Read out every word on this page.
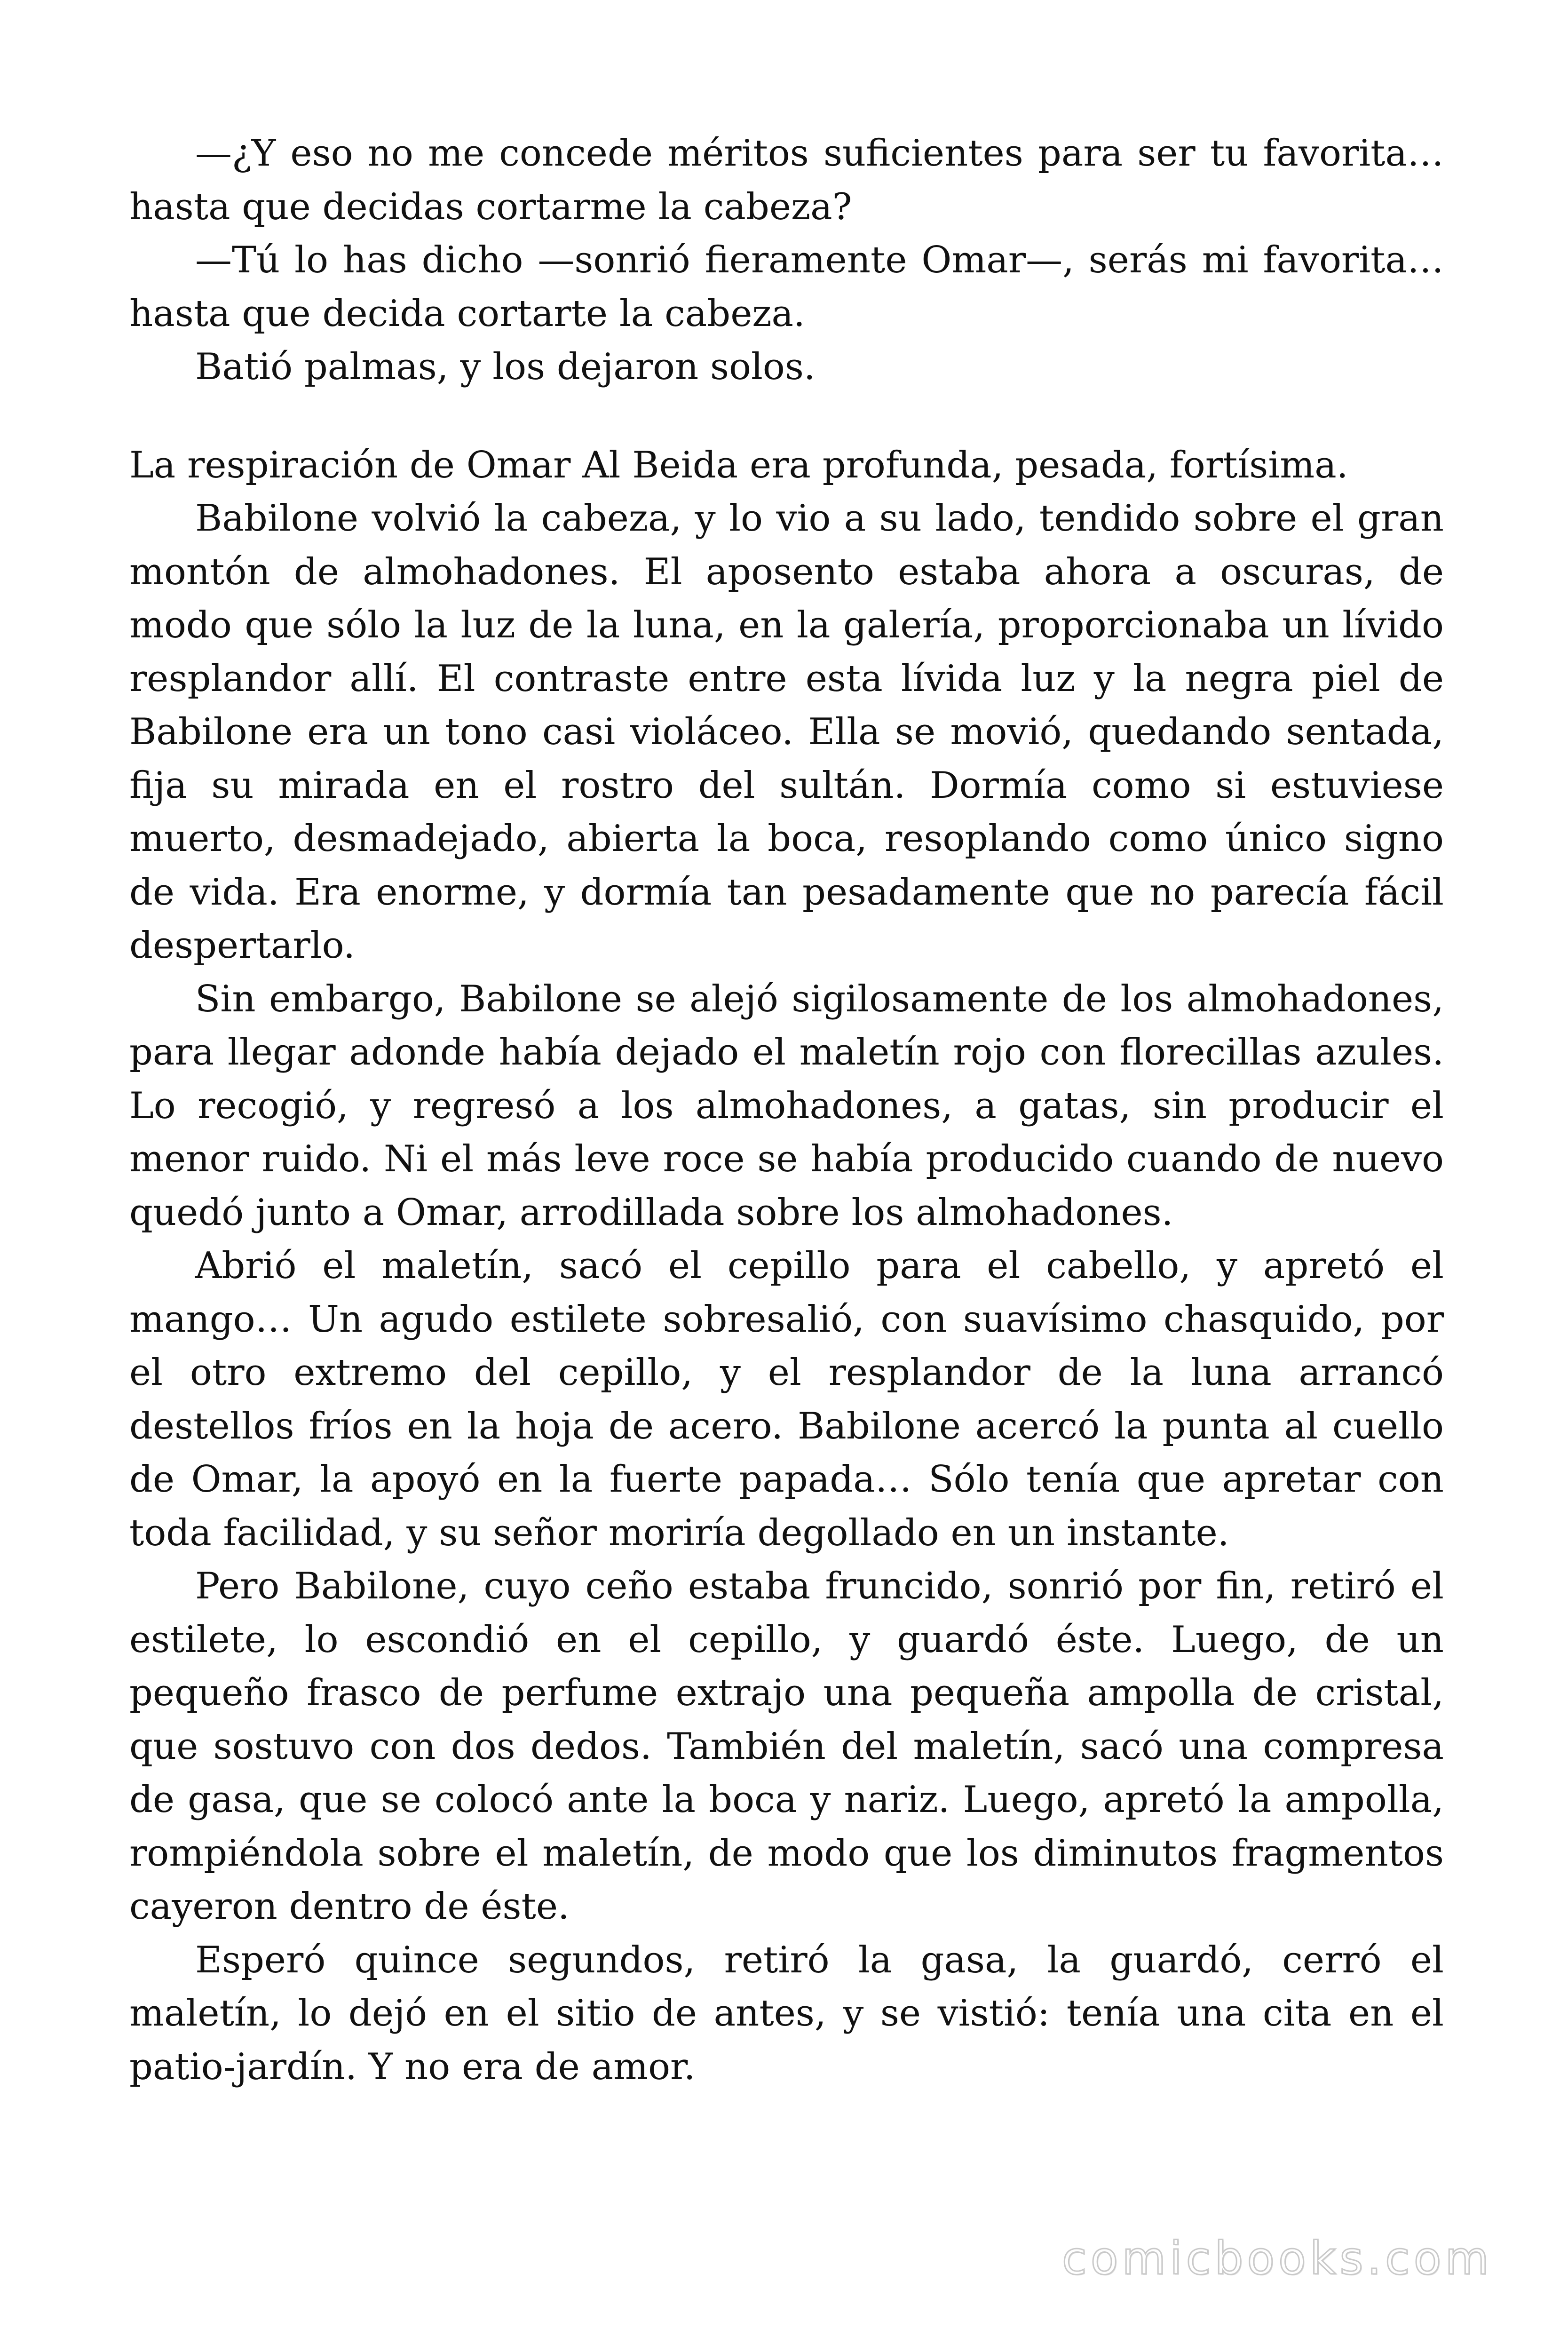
—¿Y eso no me concede méritos suficientes para ser tu favorita… hasta que decidas cortarme la cabeza?

—Tú lo has dicho —sonrió fieramente Omar—, serás mi favorita… hasta que decida cortarte la cabeza.

Batió palmas, y los dejaron solos.

La respiración de Omar Al Beida era profunda, pesada, fortísima.

Babilone volvió la cabeza, y lo vio a su lado, tendido sobre el gran montón de almohadones. El aposento estaba ahora a oscuras, de modo que sólo la luz de la luna, en la galería, proporcionaba un lívido resplandor allí. El contraste entre esta lívida luz y la negra piel de Babilone era un tono casi violáceo. Ella se movió, quedando sentada, fija su mirada en el rostro del sultán. Dormía como si estuviese muerto, desmadejado, abierta la boca, resoplando como único signo de vida. Era enorme, y dormía tan pesadamente que no parecía fácil despertarlo.

Sin embargo, Babilone se alejó sigilosamente de los almohadones, para llegar adonde había dejado el maletín rojo con florecillas azules. Lo recogió, y regresó a los almohadones, a gatas, sin producir el menor ruido. Ni el más leve roce se había producido cuando de nuevo quedó junto a Omar, arrodillada sobre los almohadones.

Abrió el maletín, sacó el cepillo para el cabello, y apretó el mango… Un agudo estilete sobresalió, con suavísimo chasquido, por el otro extremo del cepillo, y el resplandor de la luna arrancó destellos fríos en la hoja de acero. Babilone acercó la punta al cuello de Omar, la apoyó en la fuerte papada… Sólo tenía que apretar con toda facilidad, y su señor moriría degollado en un instante.

Pero Babilone, cuyo ceño estaba fruncido, sonrió por fin, retiró el estilete, lo escondió en el cepillo, y guardó éste. Luego, de un pequeño frasco de perfume extrajo una pequeña ampolla de cristal, que sostuvo con dos dedos. También del maletín, sacó una compresa de gasa, que se colocó ante la boca y nariz. Luego, apretó la ampolla, rompiéndola sobre el maletín, de modo que los diminutos fragmentos cayeron dentro de éste.

Esperó quince segundos, retiró la gasa, la guardó, cerró el maletín, lo dejó en el sitio de antes, y se vistió: tenía una cita en el patio-jardín. Y no era de amor.

comicbooks.com
